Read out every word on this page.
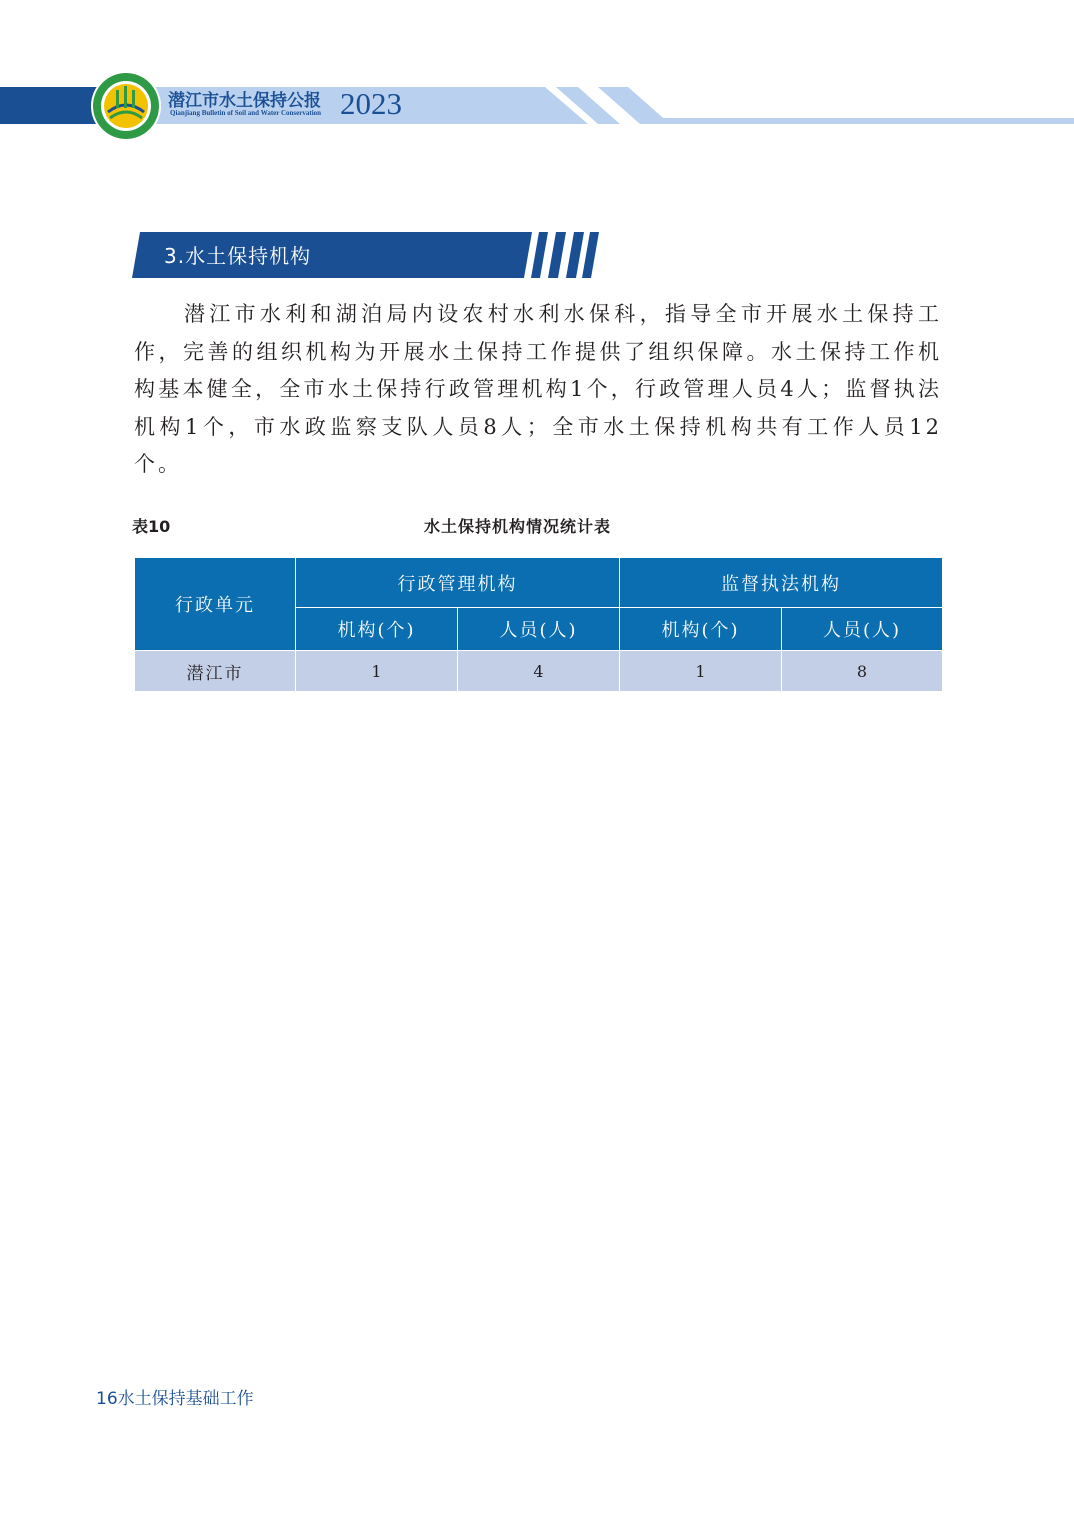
潜江市水土保持公报
Qianjiang Bulletin of Soil and Water Conservation 2023
3.水土保持机构

潜江市水利和湖泊局内设农村水利水保科，指导全市开展水土保持工作，完善的组织机构为开展水土保持工作提供了组织保障。水土保持工作机构基本健全，全市水土保持行政管理机构1个，行政管理人员4人；监督执法机构1个，市水政监察支队人员8人；全市水土保持机构共有工作人员12个。

表10	水土保持机构情况统计表
行政单元	行政管理机构		监督执法机构	
	机构(个)	人员(人)	机构(个)	人员(人)
潜江市	1	4	1	8
16水土保持基础工作
